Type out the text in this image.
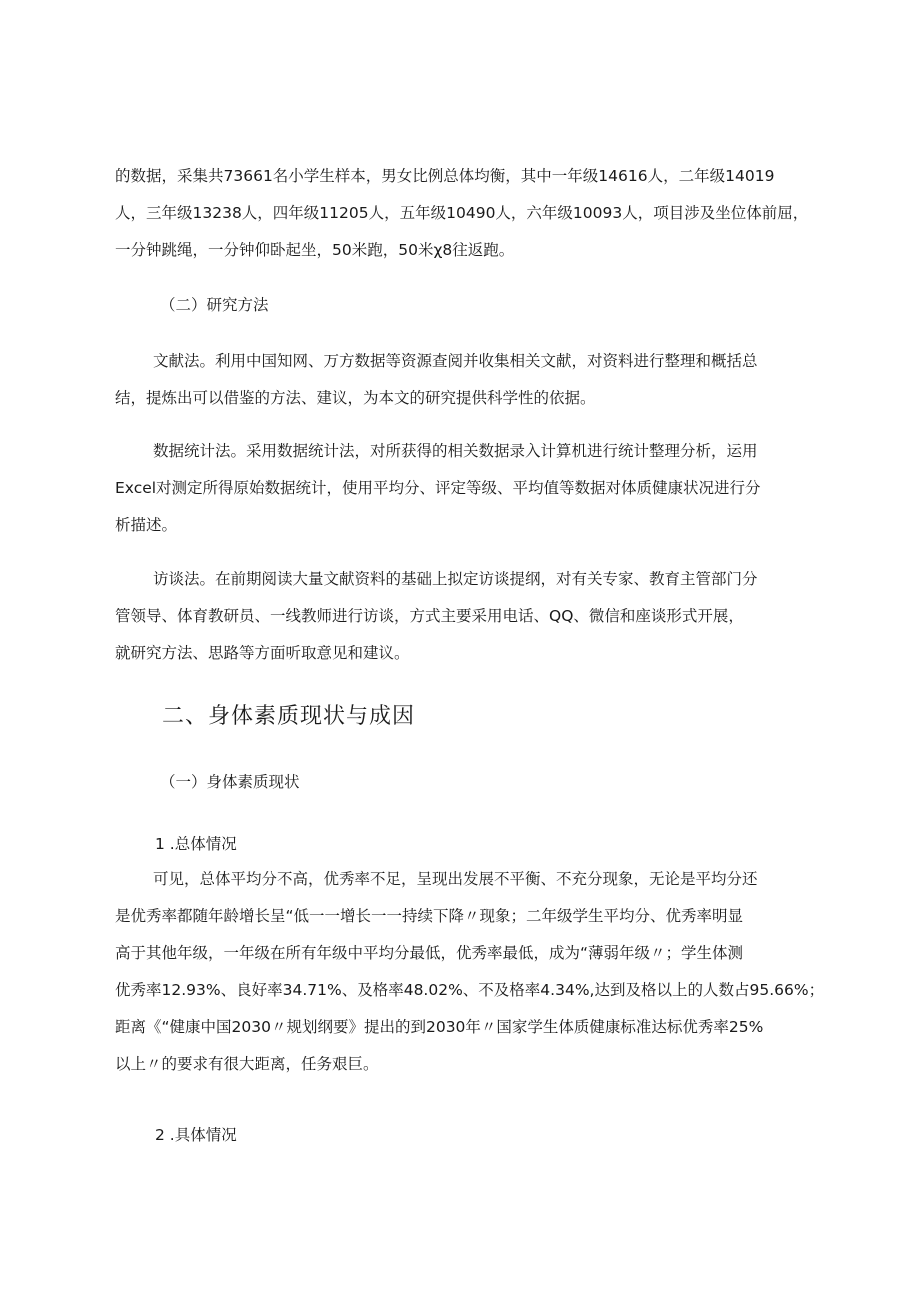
的数据，采集共73661名小学生样本，男女比例总体均衡，其中一年级14616人，二年级14019
人，三年级13238人，四年级11205人，五年级10490人，六年级10093人，项目涉及坐位体前屈，
一分钟跳绳，一分钟仰卧起坐，50米跑，50米χ8往返跑。

（二）研究方法

文献法。利用中国知网、万方数据等资源查阅并收集相关文献，对资料进行整理和概括总
结，提炼出可以借鉴的方法、建议，为本文的研究提供科学性的依据。
数据统计法。采用数据统计法，对所获得的相关数据录入计算机进行统计整理分析，运用
Excel对测定所得原始数据统计，使用平均分、评定等级、平均值等数据对体质健康状况进行分
析描述。
访谈法。在前期阅读大量文献资料的基础上拟定访谈提纲，对有关专家、教育主管部门分
管领导、体育教研员、一线教师进行访谈，方式主要采用电话、QQ、微信和座谈形式开展，
就研究方法、思路等方面听取意见和建议。
二、身体素质现状与成因

（一）身体素质现状

1 .总体情况

可见，总体平均分不高，优秀率不足，呈现出发展不平衡、不充分现象，无论是平均分还
是优秀率都随年龄增长呈“低一一增长一一持续下降〃现象；二年级学生平均分、优秀率明显
高于其他年级，一年级在所有年级中平均分最低，优秀率最低，成为“薄弱年级〃；学生体测
优秀率12.93%、良好率34.71%、及格率48.02%、不及格率4.34%,达到及格以上的人数占95.66%；
距离《“健康中国2030〃规划纲要》提出的到2030年〃国家学生体质健康标准达标优秀率25%
以上〃的要求有很大距离，任务艰巨。

2 .具体情况
